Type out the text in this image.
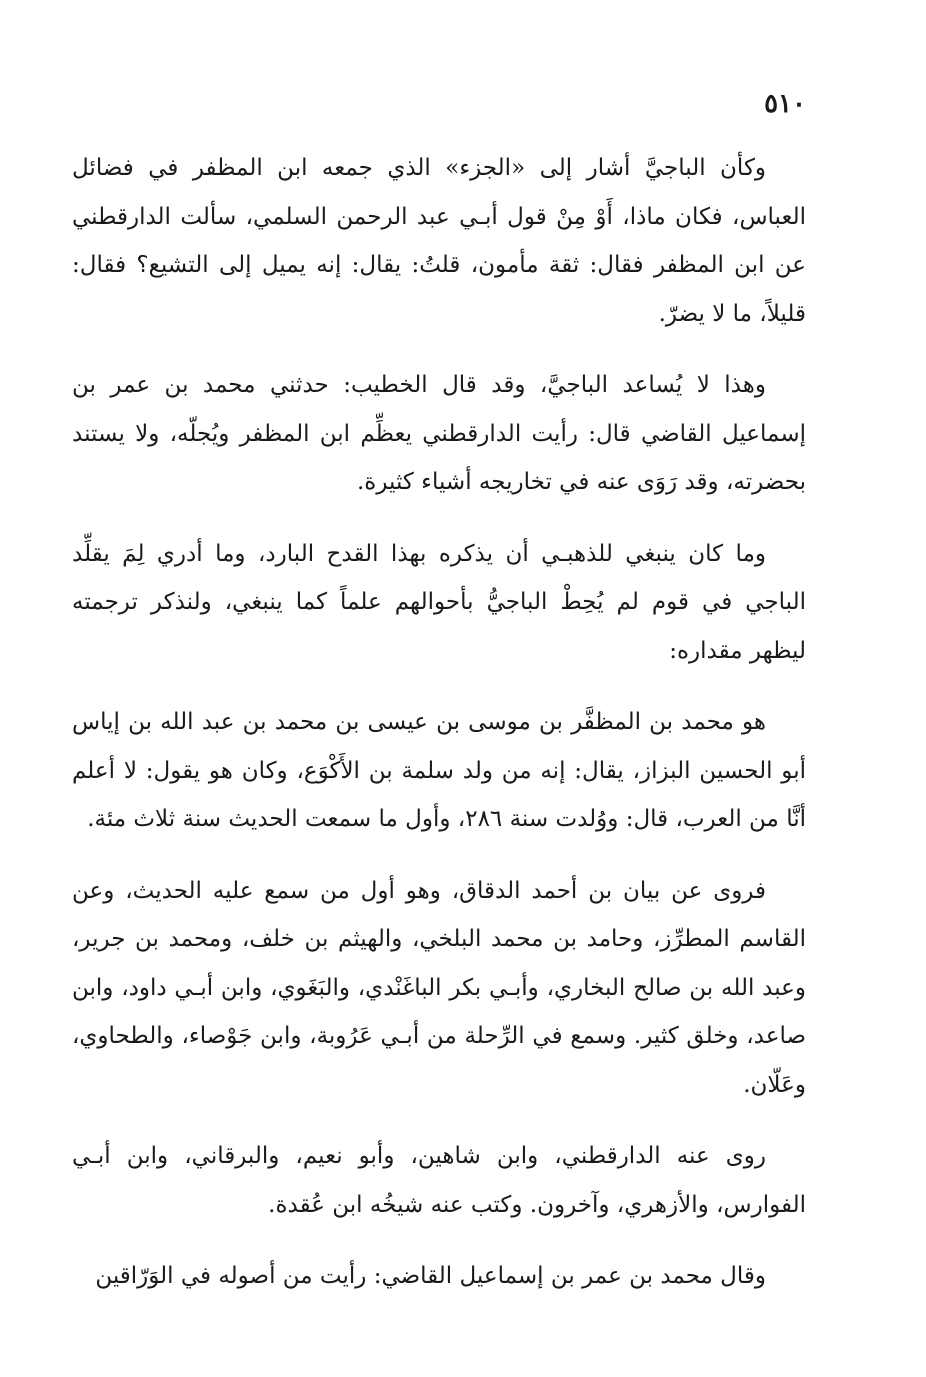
٥١٠

وكأن الباجيَّ أشار إلى «الجزء» الذي جمعه ابن المظفر في فضائل العباس، فكان ماذا، أَوْ مِنْ قول أبـي عبد الرحمن السلمي، سألت الدارقطني عن ابن المظفر فقال: ثقة مأمون، قلتُ: يقال: إنه يميل إلى التشيع؟ فقال: قليلاً، ما لا يضرّ.

وهذا لا يُساعد الباجيَّ، وقد قال الخطيب: حدثني محمد بن عمر بن إسماعيل القاضي قال: رأيت الدارقطني يعظِّم ابن المظفر ويُجلّه، ولا يستند بحضرته، وقد رَوَى عنه في تخاريجه أشياء كثيرة.

وما كان ينبغي للذهبـي أن يذكره بهذا القدح البارد، وما أدري لِمَ يقلِّد الباجي في قوم لم يُحِطْ الباجيُّ بأحوالهم علماً كما ينبغي، ولنذكر ترجمته ليظهر مقداره:

هو محمد بن المظفَّر بن موسى بن عيسى بن محمد بن عبد الله بن إياس أبو الحسين البزاز، يقال: إنه من ولد سلمة بن الأَكْوَع، وكان هو يقول: لا أعلم أنَّا من العرب، قال: ووُلدت سنة ٢٨٦، وأول ما سمعت الحديث سنة ثلاث مئة.

فروى عن بيان بن أحمد الدقاق، وهو أول من سمع عليه الحديث، وعن القاسم المطرِّز، وحامد بن محمد البلخي، والهيثم بن خلف، ومحمد بن جرير، وعبد الله بن صالح البخاري، وأبـي بكر الباغَنْدي، والبَغَوي، وابن أبـي داود، وابن صاعد، وخلق كثير. وسمع في الرِّحلة من أبـي عَرُوبة، وابن جَوْصاء، والطحاوي، وعَلّان.

روى عنه الدارقطني، وابن شاهين، وأبو نعيم، والبرقاني، وابن أبـي الفوارس، والأزهري، وآخرون. وكتب عنه شيخُه ابن عُقدة.

وقال محمد بن عمر بن إسماعيل القاضي: رأيت من أصوله في الوَرّاقين
